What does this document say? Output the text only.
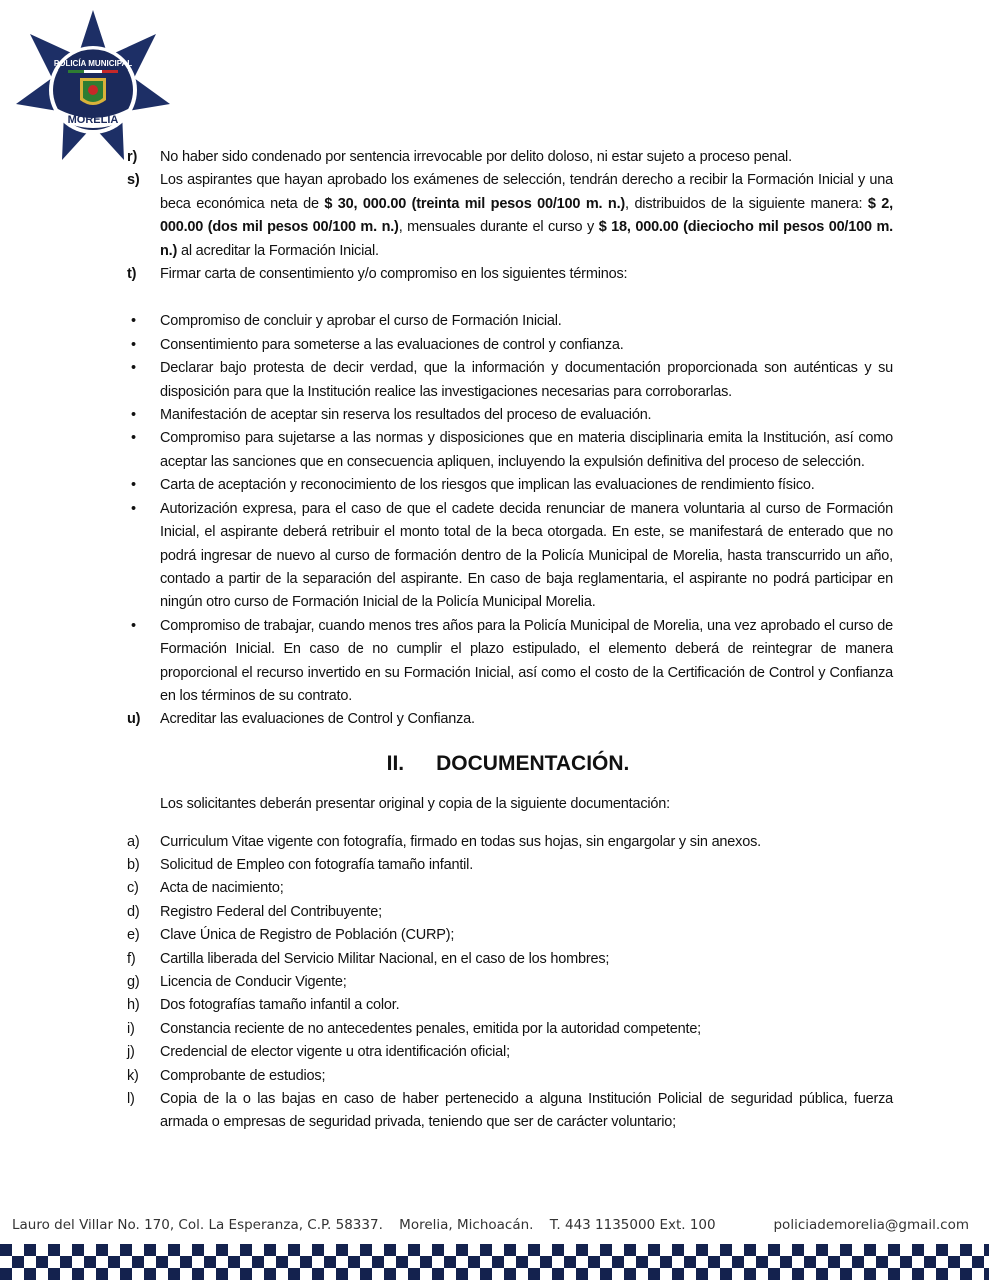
POLICÍA MUNICIPAL
MORELIA
r)	No haber sido condenado por sentencia irrevocable por delito doloso, ni estar sujeto a proceso penal.
s)	Los aspirantes que hayan aprobado los exámenes de selección, tendrán derecho a recibir la Formación Inicial y una beca económica neta de $ 30, 000.00 (treinta mil pesos 00/100 m. n.), distribuidos de la siguiente manera: $ 2, 000.00 (dos mil pesos 00/100 m. n.), mensuales durante el curso y $ 18, 000.00 (dieciocho mil pesos 00/100 m. n.) al acreditar la Formación Inicial.
t)	Firmar carta de consentimiento y/o compromiso en los siguientes términos:
•	Compromiso de concluir y aprobar el curso de Formación Inicial.
•	Consentimiento para someterse a las evaluaciones de control y confianza.
•	Declarar bajo protesta de decir verdad, que la información y documentación proporcionada son auténticas y su disposición para que la Institución realice las investigaciones necesarias para corroborarlas.
•	Manifestación de aceptar sin reserva los resultados del proceso de evaluación.
•	Compromiso para sujetarse a las normas y disposiciones que en materia disciplinaria emita la Institución, así como aceptar las sanciones que en consecuencia apliquen, incluyendo la expulsión definitiva del proceso de selección.
•	Carta de aceptación y reconocimiento de los riesgos que implican las evaluaciones de rendimiento físico.
•	Autorización expresa, para el caso de que el cadete decida renunciar de manera voluntaria al curso de Formación Inicial, el aspirante deberá retribuir el monto total de la beca otorgada. En este, se manifestará de enterado que no podrá ingresar de nuevo al curso de formación dentro de la Policía Municipal de Morelia, hasta transcurrido un año, contado a partir de la separación del aspirante. En caso de baja reglamentaria, el aspirante no podrá participar en ningún otro curso de Formación Inicial de la Policía Municipal Morelia.
•	Compromiso de trabajar, cuando menos tres años para la Policía Municipal de Morelia, una vez aprobado el curso de Formación Inicial. En caso de no cumplir el plazo estipulado, el elemento deberá de reintegrar de manera proporcional el recurso invertido en su Formación Inicial, así como el costo de la Certificación de Control y Confianza en los términos de su contrato.
u)	Acreditar las evaluaciones de Control y Confianza.
II. DOCUMENTACIÓN.
Los solicitantes deberán presentar original y copia de la siguiente documentación:
a)	Curriculum Vitae vigente con fotografía, firmado en todas sus hojas, sin engargolar y sin anexos.
b)	Solicitud de Empleo con fotografía tamaño infantil.
c)	Acta de nacimiento;
d)	Registro Federal del Contribuyente;
e)	Clave Única de Registro de Población (CURP);
f)	Cartilla liberada del Servicio Militar Nacional, en el caso de los hombres;
g)	Licencia de Conducir Vigente;
h)	Dos fotografías tamaño infantil a color.
i)	Constancia reciente de no antecedentes penales, emitida por la autoridad competente;
j)	Credencial de elector vigente u otra identificación oficial;
k)	Comprobante de estudios;
l)	Copia de la o las bajas en caso de haber pertenecido a alguna Institución Policial de seguridad pública, fuerza armada o empresas de seguridad privada, teniendo que ser de carácter voluntario;
Lauro del Villar No. 170, Col. La Esperanza, C.P. 58337. Morelia, Michoacán. T. 443 1135000 Ext. 100	policiademorelia@gmail.com
